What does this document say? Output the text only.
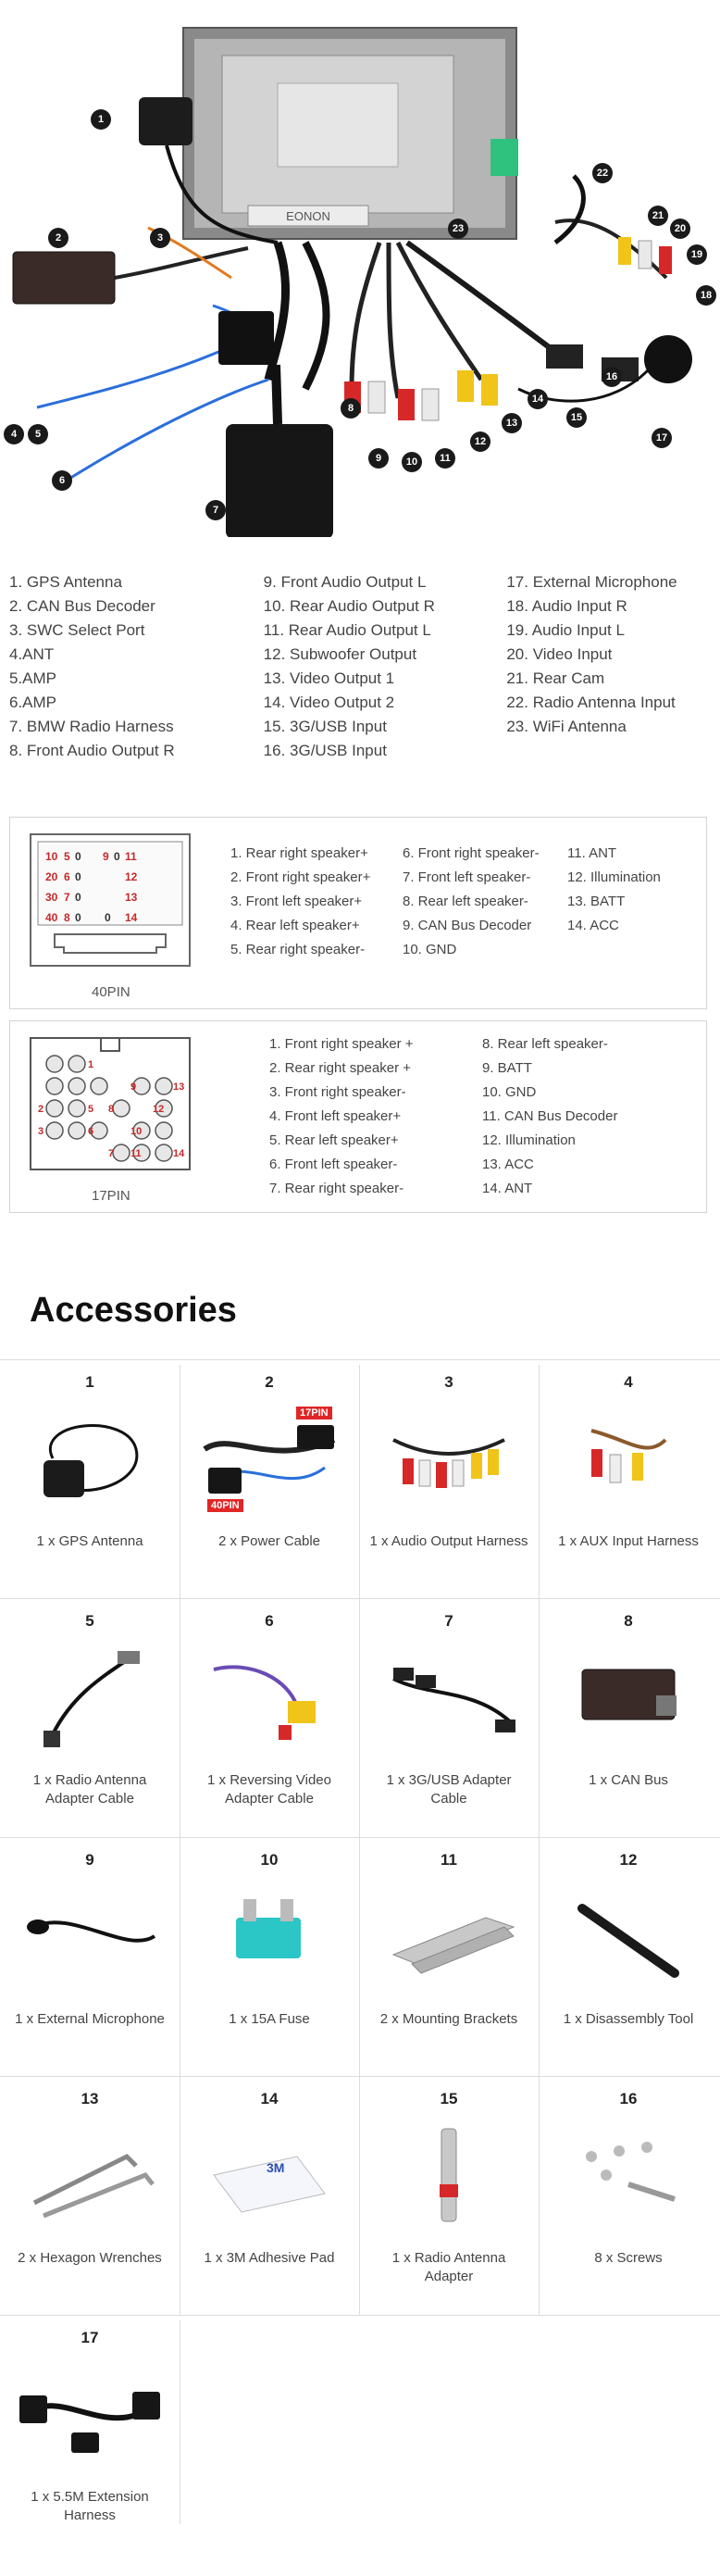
EONON
1
2	3
4	5
6
7
8
9	10	11
12
13
14
15
16
17
18
19
20
21
22
23
1. GPS Antenna
2. CAN Bus Decoder
3. SWC Select Port
4.ANT
5.AMP
6.AMP
7. BMW Radio Harness
8. Front Audio Output R
9. Front Audio Output L
10. Rear Audio Output R
11. Rear Audio Output L
12. Subwoofer Output
13. Video Output 1
14. Video Output 2
15. 3G/USB Input
16. 3G/USB Input
17. External Microphone
18. Audio Input R
19. Audio Input L
20. Video Input
21. Rear Cam
22. Radio Antenna Input
23. WiFi Antenna
10 5 0 9 0 11
20 6 0	12
30 7 0	13
40 8 0 0 14
40PIN
1. Rear right speaker+
2. Front right speaker+
3. Front left speaker+
4. Rear left speaker+
5. Rear right speaker-
6. Front right speaker-
7. Front left speaker-
8. Rear left speaker-
9. CAN Bus Decoder
10. GND
11. ANT
12. Illumination
13. BATT
14. ACC
1
2
3
5
6
7
8
9
10
11
12
13
14
17PIN
1. Front right speaker +
2. Rear right speaker +
3. Front right speaker-
4. Front left speaker+
5. Rear left speaker+
6. Front left speaker-
7. Rear right speaker-
8. Rear left speaker-
9. BATT
10. GND
11. CAN Bus Decoder
12. Illumination
13. ACC
14. ANT
Accessories
1
1 x GPS Antenna
2
17PIN
40PIN
2 x Power Cable
3
1 x Audio Output Harness
4
1 x AUX Input Harness
5
1 x Radio Antenna Adapter Cable
6
1 x Reversing Video Adapter Cable
7
1 x 3G/USB Adapter Cable
8
1 x CAN Bus
9
1 x External Microphone
10
1 x 15A Fuse
11
2 x Mounting Brackets
12
1 x Disassembly Tool
13
2 x Hexagon Wrenches
14
3M
1 x 3M Adhesive Pad
15
1 x Radio Antenna Adapter
16
8 x Screws
17
1 x 5.5M Extension Harness
